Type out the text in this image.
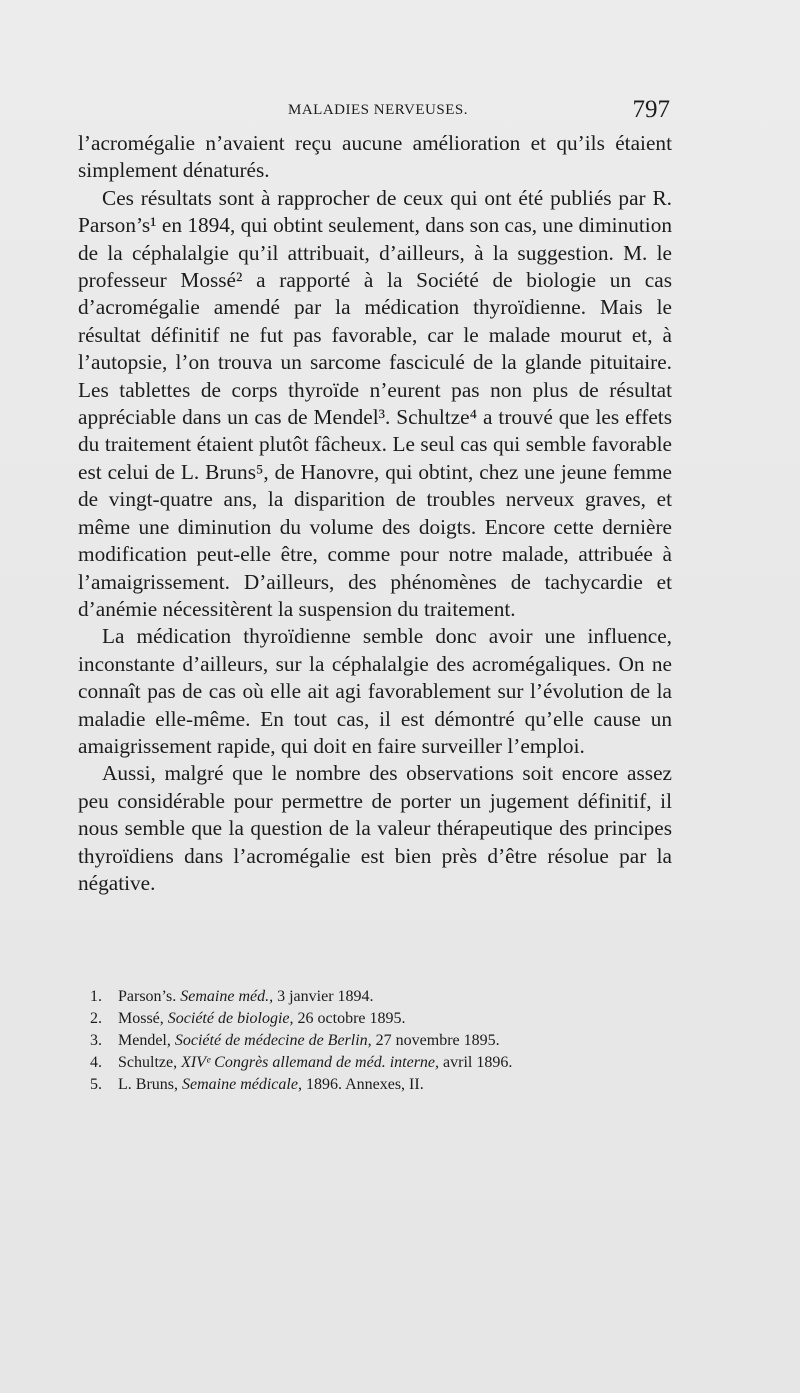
MALADIES NERVEUSES.	797

l’acromégalie n’avaient reçu aucune amélioration et qu’ils étaient simplement dénaturés.

Ces résultats sont à rapprocher de ceux qui ont été publiés par R. Parson’s¹ en 1894, qui obtint seulement, dans son cas, une diminution de la céphalalgie qu’il attribuait, d’ailleurs, à la suggestion. M. le professeur Mossé² a rapporté à la Société de biologie un cas d’acromégalie amendé par la médication thyroïdienne. Mais le résultat définitif ne fut pas favorable, car le malade mourut et, à l’autopsie, l’on trouva un sarcome fasciculé de la glande pituitaire. Les tablettes de corps thyroïde n’eurent pas non plus de résultat appréciable dans un cas de Mendel³. Schultze⁴ a trouvé que les effets du traitement étaient plutôt fâcheux. Le seul cas qui semble favorable est celui de L. Bruns⁵, de Hanovre, qui obtint, chez une jeune femme de vingt-quatre ans, la disparition de troubles nerveux graves, et même une diminution du volume des doigts. Encore cette dernière modification peut-elle être, comme pour notre malade, attribuée à l’amaigrissement. D’ailleurs, des phénomènes de tachycardie et d’anémie nécessitèrent la suspension du traitement.

La médication thyroïdienne semble donc avoir une influence, inconstante d’ailleurs, sur la céphalalgie des acromégaliques. On ne connaît pas de cas où elle ait agi favorablement sur l’évolution de la maladie elle-même. En tout cas, il est démontré qu’elle cause un amaigrissement rapide, qui doit en faire surveiller l’emploi.

Aussi, malgré que le nombre des observations soit encore assez peu considérable pour permettre de porter un jugement définitif, il nous semble que la question de la valeur thérapeutique des principes thyroïdiens dans l’acromégalie est bien près d’être résolue par la négative.

1.	Parson’s. Semaine méd., 3 janvier 1894.
2.	Mossé, Société de biologie, 26 octobre 1895.
3.	Mendel, Société de médecine de Berlin, 27 novembre 1895.
4.	Schultze, XIVᵉ Congrès allemand de méd. interne, avril 1896.
5.	L. Bruns, Semaine médicale, 1896. Annexes, II.
